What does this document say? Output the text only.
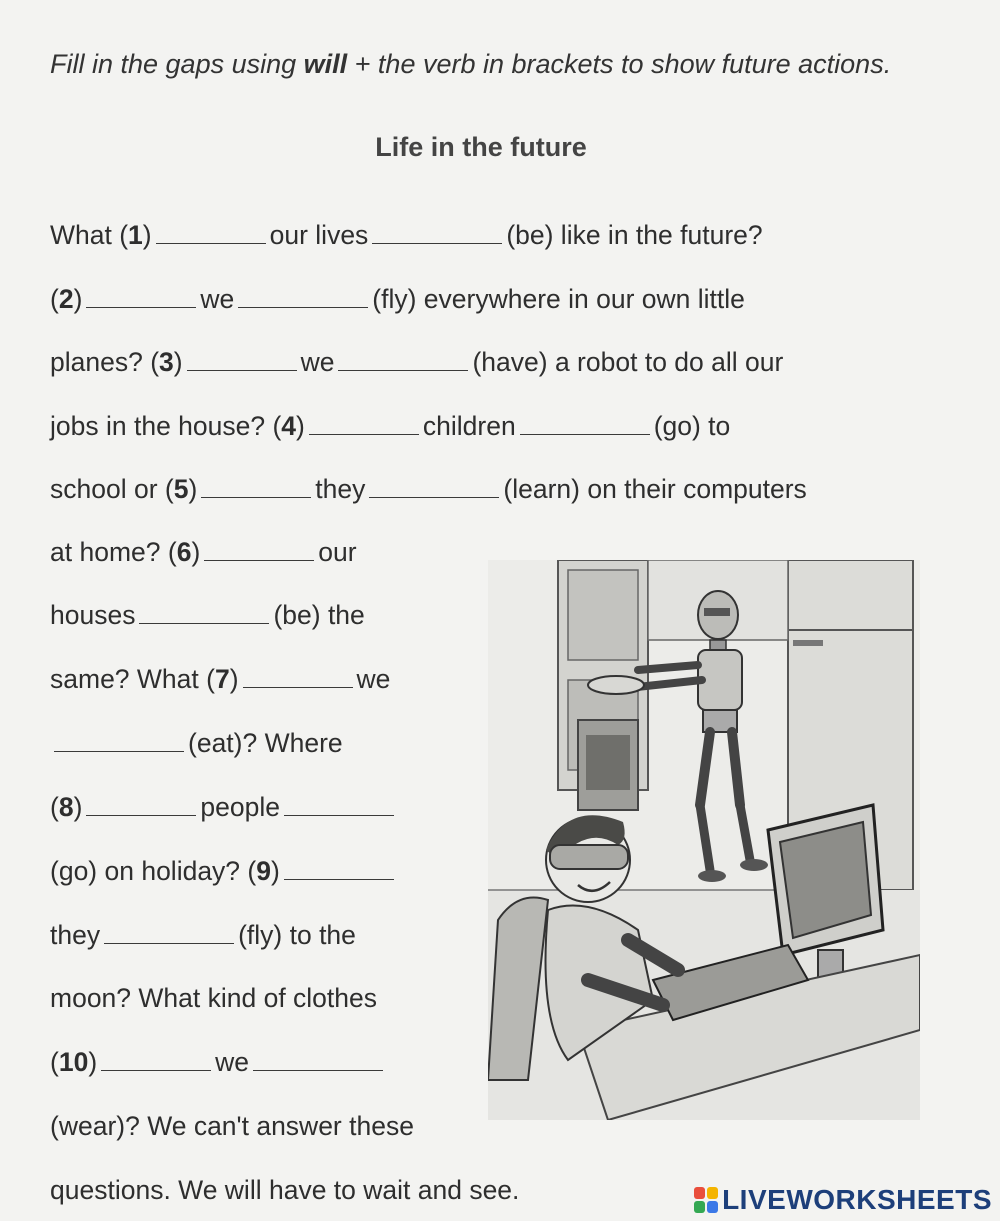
Fill in the gaps using will + the verb in brackets to show future actions.
Life in the future
What (1)	our lives	(be) like in the future?
(2)	we	(fly) everywhere in our own little
planes? (3)	we	(have) a robot to do all our
jobs in the house? (4)	children	(go) to
school or (5)	they	(learn) on their computers
at home? (6)	our
houses	(be) the
same? What (7)	we
(eat)? Where
(8)	people
(go) on holiday? (9)
they	(fly) to the
moon? What kind of clothes
(10)	we
(wear)? We can't answer these
questions. We will have to wait and see.	LIVEWORKSHEETS
